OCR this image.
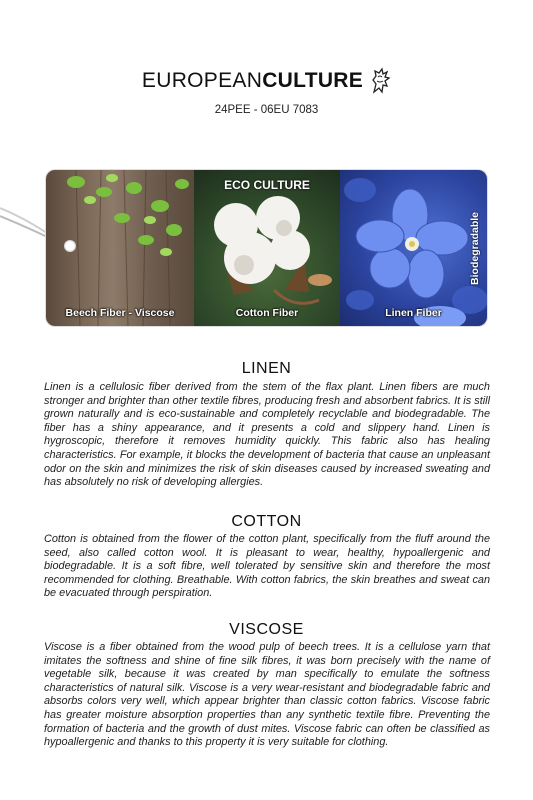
EUROPEAN CULTURE
24PEE - 06EU 7083
Beech Fiber - Viscose
ECO CULTURE
Cotton Fiber
Biodegradable
Linen Fiber
LINEN
Linen is a cellulosic fiber derived from the stem of the flax plant. Linen fibers are much stronger and brighter than other textile fibres, producing fresh and absorbent fabrics. It is still grown naturally and is eco-sustainable and completely recyclable and biodegradable. The fiber has a shiny appearance, and it presents a cold and slippery hand. Linen is hygroscopic, therefore it removes humidity quickly. This fabric also has healing characteristics. For example, it blocks the development of bacteria that cause an unpleasant odor on the skin and minimizes the risk of skin diseases caused by increased sweating and has absolutely no risk of developing allergies.
COTTON
Cotton is obtained from the flower of the cotton plant, specifically from the fluff around the seed, also called cotton wool. It is pleasant to wear, healthy, hypoallergenic and biodegradable. It is a soft fibre, well tolerated by sensitive skin and therefore the most recommended for clothing. Breathable. With cotton fabrics, the skin breathes and sweat can be evacuated through perspiration.
VISCOSE
Viscose is a fiber obtained from the wood pulp of beech trees. It is a cellulose yarn that imitates the softness and shine of fine silk fibres, it was born precisely with the name of vegetable silk, because it was created by man specifically to emulate the softness characteristics of natural silk. Viscose is a very wear-resistant and biodegradable fabric and absorbs colors very well, which appear brighter than classic cotton fabrics. Viscose fabric has greater moisture absorption properties than any synthetic textile fibre. Preventing the formation of bacteria and the growth of dust mites. Viscose fabric can often be classified as hypoallergenic and thanks to this property it is very suitable for clothing.
